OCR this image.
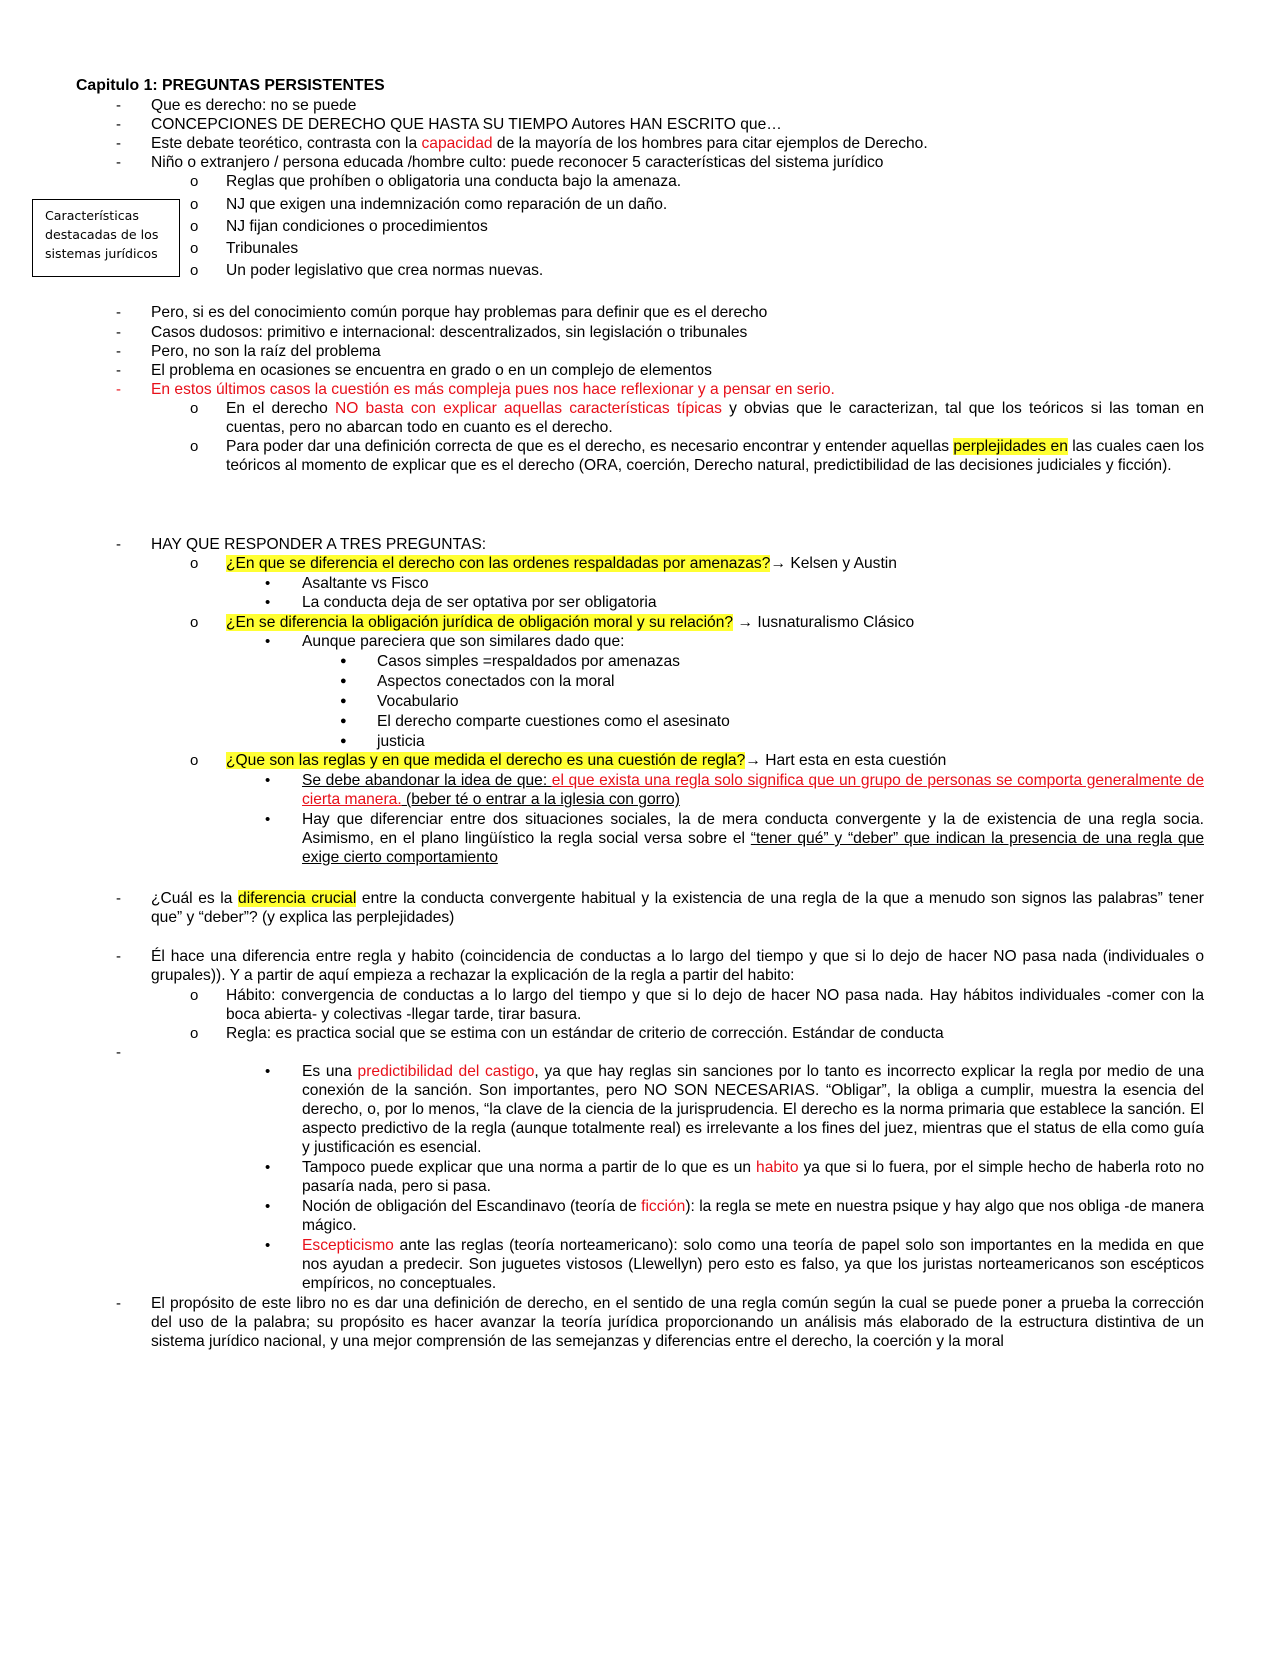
Capitulo 1: PREGUNTAS PERSISTENTES
- Que es derecho: no se puede
- CONCEPCIONES DE DERECHO QUE HASTA SU TIEMPO Autores HAN ESCRITO que…
- Este debate teorético, contrasta con la capacidad de la mayoría de los hombres para citar ejemplos de Derecho.
- Niño o extranjero / persona educada /hombre culto: puede reconocer 5 características del sistema jurídico
o Reglas que prohíben o obligatoria una conducta bajo la amenaza.
o NJ que exigen una indemnización como reparación de un daño.
o NJ fijan condiciones o procedimientos
o Tribunales
o Un poder legislativo que crea normas nuevas.
Características
destacadas de los
sistemas jurídicos
- Pero, si es del conocimiento común porque hay problemas para definir que es el derecho
- Casos dudosos: primitivo e internacional: descentralizados, sin legislación o tribunales
- Pero, no son la raíz del problema
- El problema en ocasiones se encuentra en grado o en un complejo de elementos
- En estos últimos casos la cuestión es más compleja pues nos hace reflexionar y a pensar en serio.
o En el derecho NO basta con explicar aquellas características típicas y obvias que le caracterizan, tal que los teóricos si las toman en cuentas, pero no abarcan todo en cuanto es el derecho.
o Para poder dar una definición correcta de que es el derecho, es necesario encontrar y entender aquellas perplejidades en las cuales caen los teóricos al momento de explicar que es el derecho (ORA, coerción, Derecho natural, predictibilidad de las decisiones judiciales y ficción).
- HAY QUE RESPONDER A TRES PREGUNTAS:
o ¿En que se diferencia el derecho con las ordenes respaldadas por amenazas?→ Kelsen y Austin
• Asaltante vs Fisco
• La conducta deja de ser optativa por ser obligatoria
o ¿En se diferencia la obligación jurídica de obligación moral y su relación? → Iusnaturalismo Clásico
• Aunque pareciera que son similares dado que:
● Casos simples =respaldados por amenazas
● Aspectos conectados con la moral
● Vocabulario
● El derecho comparte cuestiones como el asesinato
● justicia
o ¿Que son las reglas y en que medida el derecho es una cuestión de regla?→ Hart esta en esta cuestión
• Se debe abandonar la idea de que: el que exista una regla solo significa que un grupo de personas se comporta generalmente de cierta manera. (beber té o entrar a la iglesia con gorro)
• Hay que diferenciar entre dos situaciones sociales, la de mera conducta convergente y la de existencia de una regla socia. Asimismo, en el plano lingüístico la regla social versa sobre el “tener qué” y “deber” que indican la presencia de una regla que exige cierto comportamiento
- ¿Cuál es la diferencia crucial entre la conducta convergente habitual y la existencia de una regla de la que a menudo son signos las palabras” tener que” y “deber”? (y explica las perplejidades)
- Él hace una diferencia entre regla y habito (coincidencia de conductas a lo largo del tiempo y que si lo dejo de hacer NO pasa nada (individuales o grupales)). Y a partir de aquí empieza a rechazar la explicación de la regla a partir del habito:
o Hábito: convergencia de conductas a lo largo del tiempo y que si lo dejo de hacer NO pasa nada. Hay hábitos individuales -comer con la boca abierta- y colectivas -llegar tarde, tirar basura.
o Regla: es practica social que se estima con un estándar de criterio de corrección. Estándar de conducta
-
• Es una predictibilidad del castigo, ya que hay reglas sin sanciones por lo tanto es incorrecto explicar la regla por medio de una conexión de la sanción. Son importantes, pero NO SON NECESARIAS. “Obligar”, la obliga a cumplir, muestra la esencia del derecho, o, por lo menos, “la clave de la ciencia de la jurisprudencia. El derecho es la norma primaria que establece la sanción. El aspecto predictivo de la regla (aunque totalmente real) es irrelevante a los fines del juez, mientras que el status de ella como guía y justificación es esencial.
• Tampoco puede explicar que una norma a partir de lo que es un habito ya que si lo fuera, por el simple hecho de haberla roto no pasaría nada, pero si pasa.
• Noción de obligación del Escandinavo (teoría de ficción): la regla se mete en nuestra psique y hay algo que nos obliga -de manera mágico.
• Escepticismo ante las reglas (teoría norteamericano): solo como una teoría de papel solo son importantes en la medida en que nos ayudan a predecir. Son juguetes vistosos (Llewellyn) pero esto es falso, ya que los juristas norteamericanos son escépticos empíricos, no conceptuales.
- El propósito de este libro no es dar una definición de derecho, en el sentido de una regla común según la cual se puede poner a prueba la corrección del uso de la palabra; su propósito es hacer avanzar la teoría jurídica proporcionando un análisis más elaborado de la estructura distintiva de un sistema jurídico nacional, y una mejor comprensión de las semejanzas y diferencias entre el derecho, la coerción y la moral
